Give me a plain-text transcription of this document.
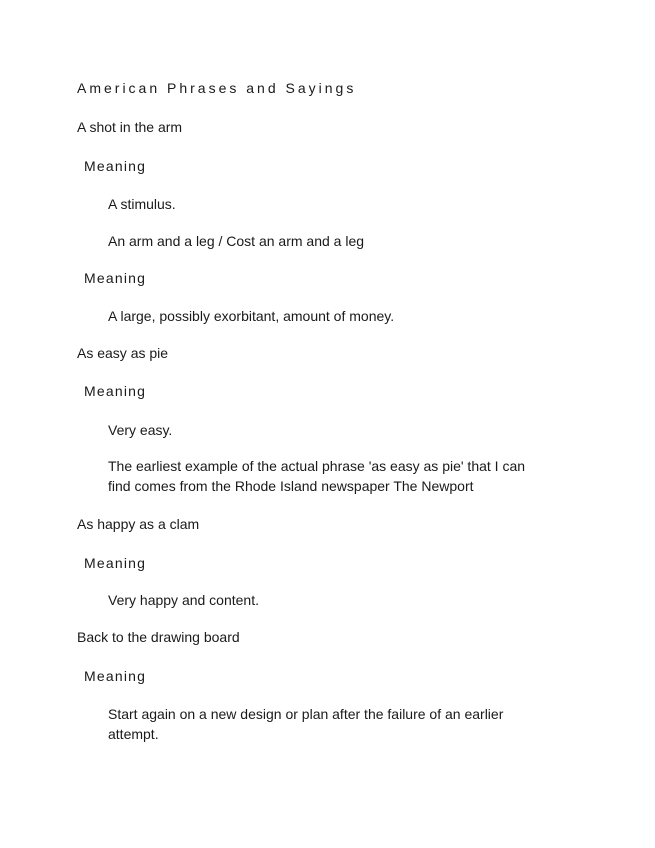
American Phrases and Sayings

A shot in the arm

Meaning

A stimulus.

An arm and a leg / Cost an arm and a leg

Meaning

A large, possibly exorbitant, amount of money.

As easy as pie

Meaning

Very easy.

The earliest example of the actual phrase 'as easy as pie' that I can find comes from the Rhode Island newspaper The Newport

As happy as a clam

Meaning

Very happy and content.

Back to the drawing board

Meaning

Start again on a new design or plan after the failure of an earlier attempt.
